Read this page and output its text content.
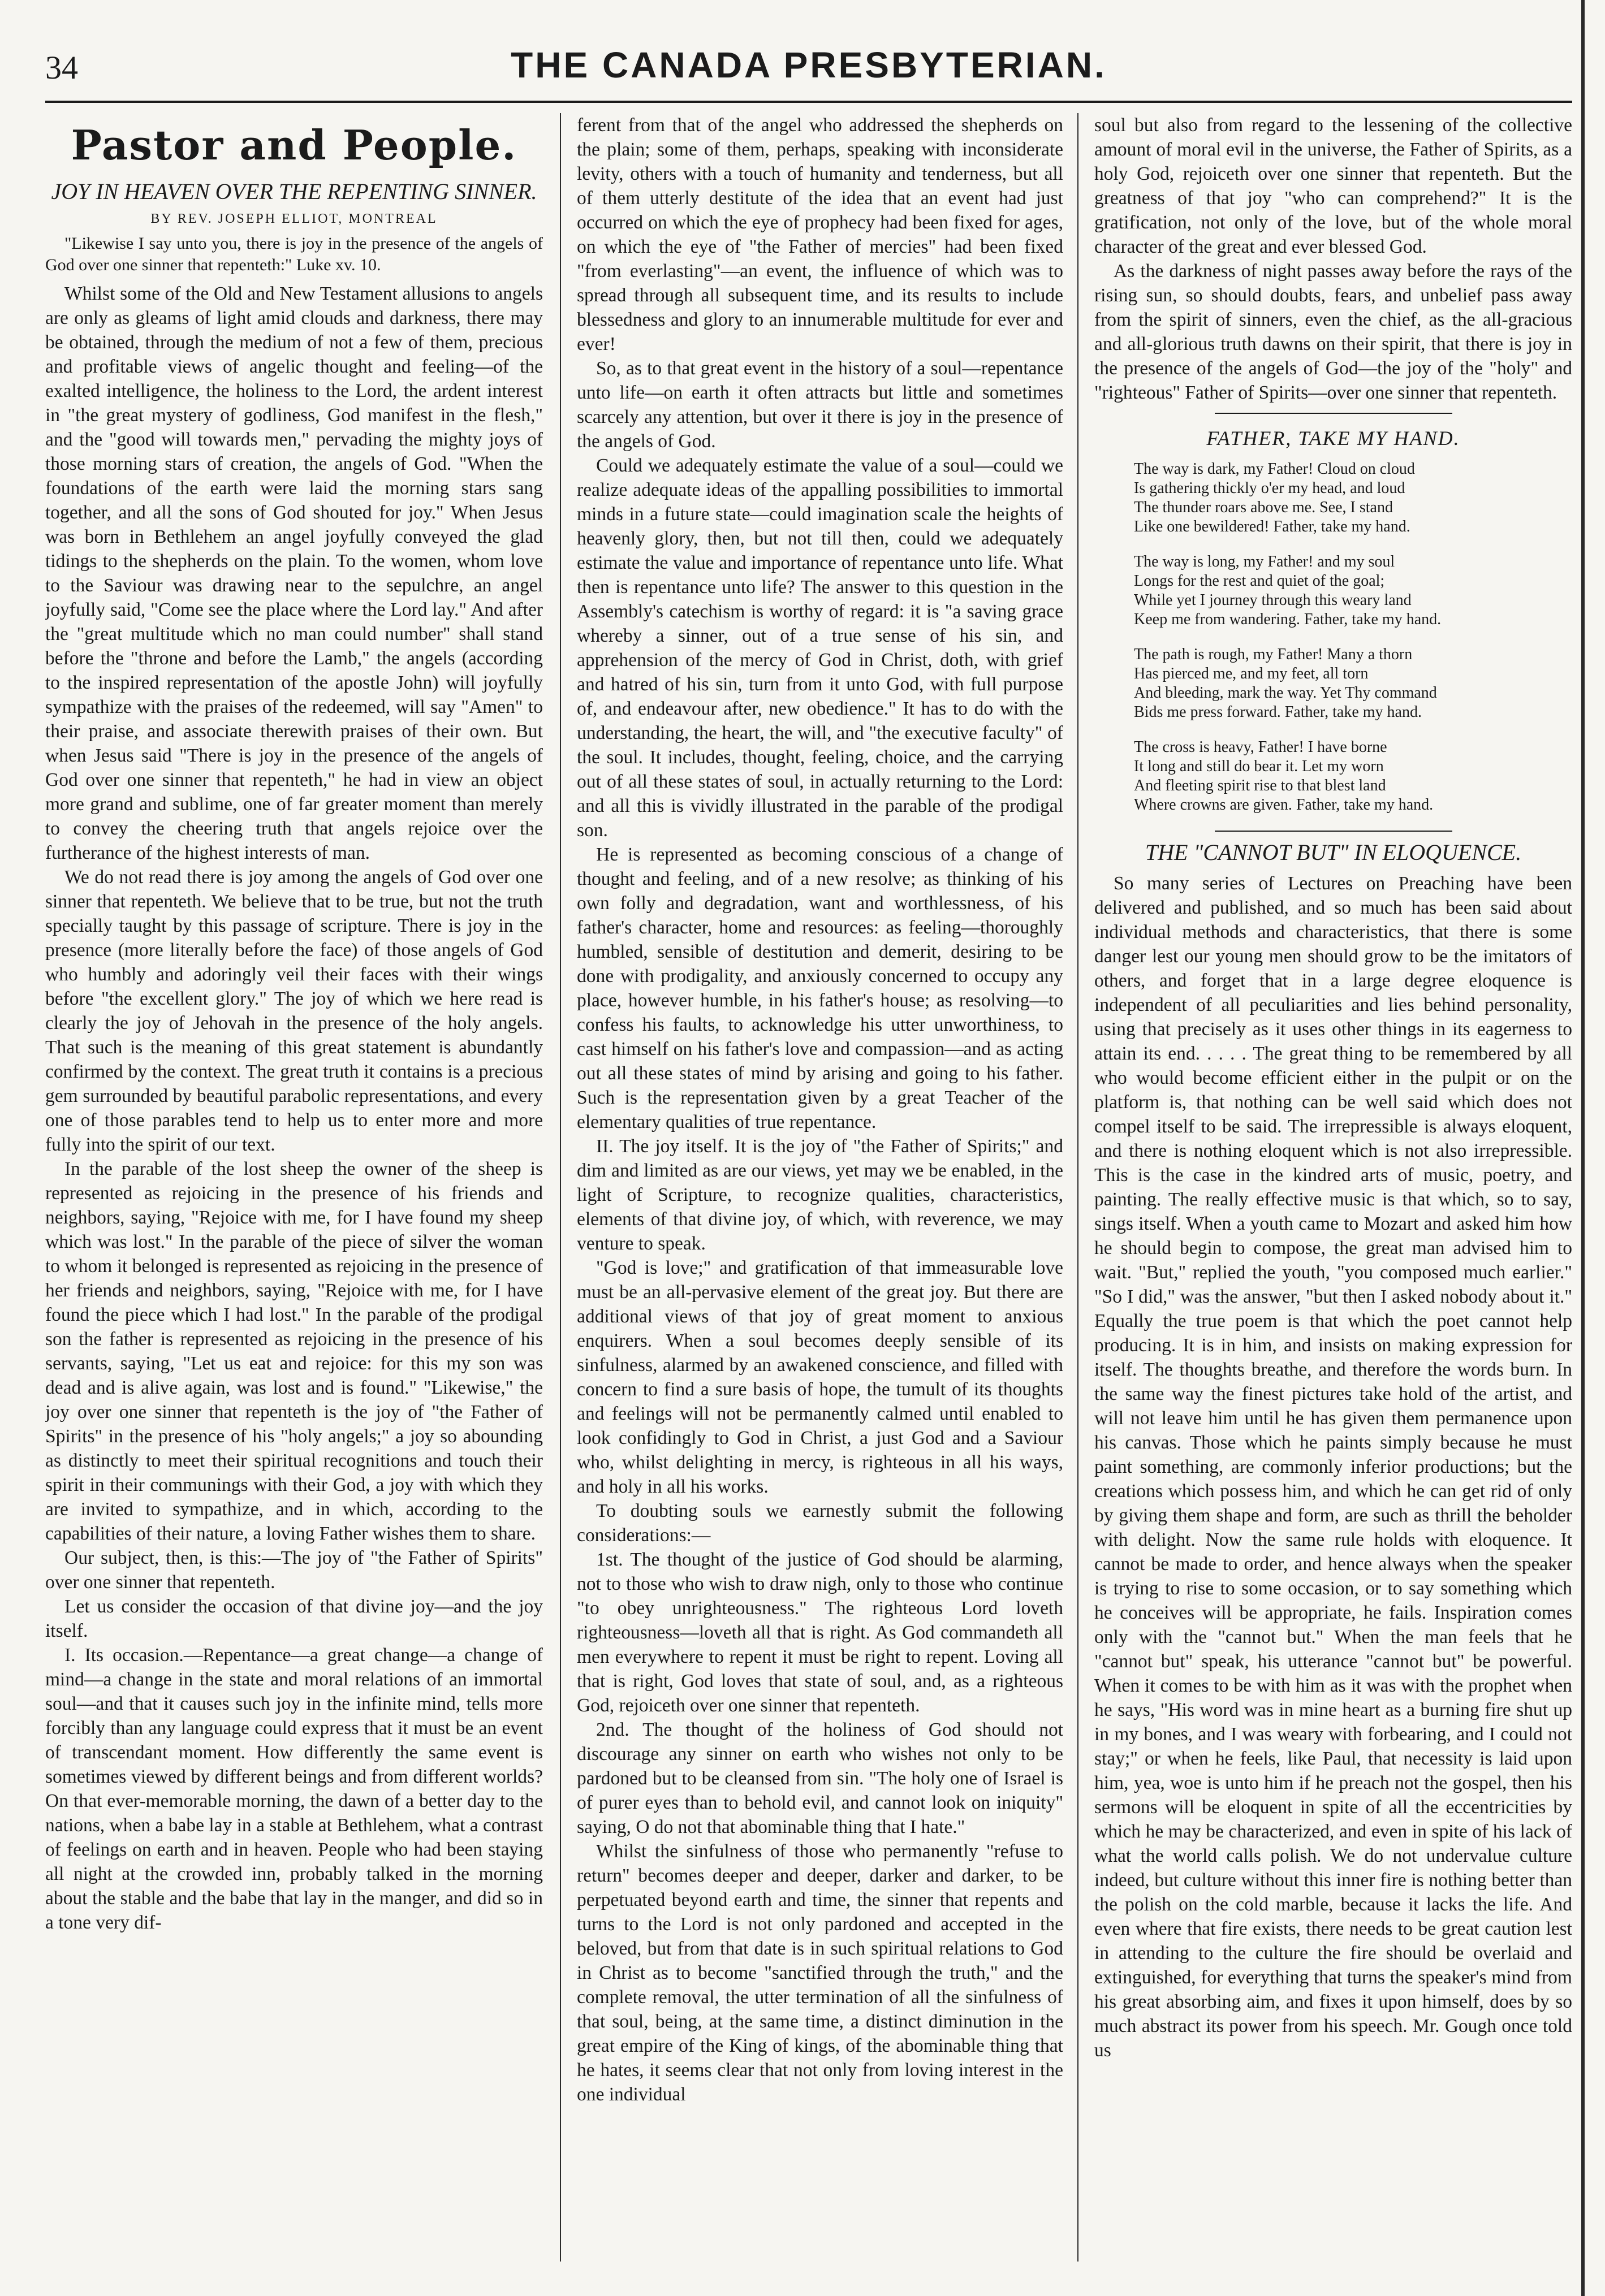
34	THE CANADA PRESBYTERIAN.
Pastor and People.
JOY IN HEAVEN OVER THE REPENTING SINNER.
BY REV. JOSEPH ELLIOT, MONTREAL

"Likewise I say unto you, there is joy in the presence of the angels of God over one sinner that repenteth:" Luke xv. 10.

Whilst some of the Old and New Testament allusions to angels are only as gleams of light amid clouds and darkness, there may be obtained, through the medium of not a few of them, precious and profitable views of angelic thought and feeling—of the exalted intelligence, the holiness to the Lord, the ardent interest in "the great mystery of godliness, God manifest in the flesh," and the "good will towards men," pervading the mighty joys of those morning stars of creation, the angels of God. "When the foundations of the earth were laid the morning stars sang together, and all the sons of God shouted for joy." When Jesus was born in Bethlehem an angel joyfully conveyed the glad tidings to the shepherds on the plain. To the women, whom love to the Saviour was drawing near to the sepulchre, an angel joyfully said, "Come see the place where the Lord lay." And after the "great multitude which no man could number" shall stand before the "throne and before the Lamb," the angels (according to the inspired representation of the apostle John) will joyfully sympathize with the praises of the redeemed, will say "Amen" to their praise, and associate therewith praises of their own. But when Jesus said "There is joy in the presence of the angels of God over one sinner that repenteth," he had in view an object more grand and sublime, one of far greater moment than merely to convey the cheering truth that angels rejoice over the furtherance of the highest interests of man.

We do not read there is joy among the angels of God over one sinner that repenteth. We believe that to be true, but not the truth specially taught by this passage of scripture. There is joy in the presence (more literally before the face) of those angels of God who humbly and adoringly veil their faces with their wings before "the excellent glory." The joy of which we here read is clearly the joy of Jehovah in the presence of the holy angels. That such is the meaning of this great statement is abundantly confirmed by the context. The great truth it contains is a precious gem surrounded by beautiful parabolic representations, and every one of those parables tend to help us to enter more and more fully into the spirit of our text.

In the parable of the lost sheep the owner of the sheep is represented as rejoicing in the presence of his friends and neighbors, saying, "Rejoice with me, for I have found my sheep which was lost." In the parable of the piece of silver the woman to whom it belonged is represented as rejoicing in the presence of her friends and neighbors, saying, "Rejoice with me, for I have found the piece which I had lost." In the parable of the prodigal son the father is represented as rejoicing in the presence of his servants, saying, "Let us eat and rejoice: for this my son was dead and is alive again, was lost and is found." "Likewise," the joy over one sinner that repenteth is the joy of "the Father of Spirits" in the presence of his "holy angels;" a joy so abounding as distinctly to meet their spiritual recognitions and touch their spirit in their communings with their God, a joy with which they are invited to sympathize, and in which, according to the capabilities of their nature, a loving Father wishes them to share.

Our subject, then, is this:—The joy of "the Father of Spirits" over one sinner that repenteth.

Let us consider the occasion of that divine joy—and the joy itself.

I. Its occasion.—Repentance—a great change—a change of mind—a change in the state and moral relations of an immortal soul—and that it causes such joy in the infinite mind, tells more forcibly than any language could express that it must be an event of transcendant moment. How differently the same event is sometimes viewed by different beings and from different worlds? On that ever-memorable morning, the dawn of a better day to the nations, when a babe lay in a stable at Bethlehem, what a contrast of feelings on earth and in heaven. People who had been staying all night at the crowded inn, probably talked in the morning about the stable and the babe that lay in the manger, and did so in a tone very dif-

ferent from that of the angel who addressed the shepherds on the plain; some of them, perhaps, speaking with inconsiderate levity, others with a touch of humanity and tenderness, but all of them utterly destitute of the idea that an event had just occurred on which the eye of prophecy had been fixed for ages, on which the eye of "the Father of mercies" had been fixed "from everlasting"—an event, the influence of which was to spread through all subsequent time, and its results to include blessedness and glory to an innumerable multitude for ever and ever!

So, as to that great event in the history of a soul—repentance unto life—on earth it often attracts but little and sometimes scarcely any attention, but over it there is joy in the presence of the angels of God.

Could we adequately estimate the value of a soul—could we realize adequate ideas of the appalling possibilities to immortal minds in a future state—could imagination scale the heights of heavenly glory, then, but not till then, could we adequately estimate the value and importance of repentance unto life. What then is repentance unto life? The answer to this question in the Assembly's catechism is worthy of regard: it is "a saving grace whereby a sinner, out of a true sense of his sin, and apprehension of the mercy of God in Christ, doth, with grief and hatred of his sin, turn from it unto God, with full purpose of, and endeavour after, new obedience." It has to do with the understanding, the heart, the will, and "the executive faculty" of the soul. It includes, thought, feeling, choice, and the carrying out of all these states of soul, in actually returning to the Lord: and all this is vividly illustrated in the parable of the prodigal son.

He is represented as becoming conscious of a change of thought and feeling, and of a new resolve; as thinking of his own folly and degradation, want and worthlessness, of his father's character, home and resources: as feeling—thoroughly humbled, sensible of destitution and demerit, desiring to be done with prodigality, and anxiously concerned to occupy any place, however humble, in his father's house; as resolving—to confess his faults, to acknowledge his utter unworthiness, to cast himself on his father's love and compassion—and as acting out all these states of mind by arising and going to his father. Such is the representation given by a great Teacher of the elementary qualities of true repentance.

II. The joy itself. It is the joy of "the Father of Spirits;" and dim and limited as are our views, yet may we be enabled, in the light of Scripture, to recognize qualities, characteristics, elements of that divine joy, of which, with reverence, we may venture to speak.

"God is love;" and gratification of that immeasurable love must be an all-pervasive element of the great joy. But there are additional views of that joy of great moment to anxious enquirers. When a soul becomes deeply sensible of its sinfulness, alarmed by an awakened conscience, and filled with concern to find a sure basis of hope, the tumult of its thoughts and feelings will not be permanently calmed until enabled to look confidingly to God in Christ, a just God and a Saviour who, whilst delighting in mercy, is righteous in all his ways, and holy in all his works.

To doubting souls we earnestly submit the following considerations:—

1st. The thought of the justice of God should be alarming, not to those who wish to draw nigh, only to those who continue "to obey unrighteousness." The righteous Lord loveth righteousness—loveth all that is right. As God commandeth all men everywhere to repent it must be right to repent. Loving all that is right, God loves that state of soul, and, as a righteous God, rejoiceth over one sinner that repenteth.

2nd. The thought of the holiness of God should not discourage any sinner on earth who wishes not only to be pardoned but to be cleansed from sin. "The holy one of Israel is of purer eyes than to behold evil, and cannot look on iniquity" saying, O do not that abominable thing that I hate."

Whilst the sinfulness of those who permanently "refuse to return" becomes deeper and deeper, darker and darker, to be perpetuated beyond earth and time, the sinner that repents and turns to the Lord is not only pardoned and accepted in the beloved, but from that date is in such spiritual relations to God in Christ as to become "sanctified through the truth," and the complete removal, the utter termination of all the sinfulness of that soul, being, at the same time, a distinct diminution in the great empire of the King of kings, of the abominable thing that he hates, it seems clear that not only from loving interest in the one individual

soul but also from regard to the lessening of the collective amount of moral evil in the universe, the Father of Spirits, as a holy God, rejoiceth over one sinner that repenteth. But the greatness of that joy "who can comprehend?" It is the gratification, not only of the love, but of the whole moral character of the great and ever blessed God.

As the darkness of night passes away before the rays of the rising sun, so should doubts, fears, and unbelief pass away from the spirit of sinners, even the chief, as the all-gracious and all-glorious truth dawns on their spirit, that there is joy in the presence of the angels of God—the joy of the "holy" and "righteous" Father of Spirits—over one sinner that repenteth.

FATHER, TAKE MY HAND.
The way is dark, my Father! Cloud on cloud
Is gathering thickly o'er my head, and loud
The thunder roars above me. See, I stand
Like one bewildered! Father, take my hand.
The way is long, my Father! and my soul
Longs for the rest and quiet of the goal;
While yet I journey through this weary land
Keep me from wandering. Father, take my hand.
The path is rough, my Father! Many a thorn
Has pierced me, and my feet, all torn
And bleeding, mark the way. Yet Thy command
Bids me press forward. Father, take my hand.
The cross is heavy, Father! I have borne
It long and still do bear it. Let my worn
And fleeting spirit rise to that blest land
Where crowns are given. Father, take my hand.
THE "CANNOT BUT" IN ELOQUENCE.

So many series of Lectures on Preaching have been delivered and published, and so much has been said about individual methods and characteristics, that there is some danger lest our young men should grow to be the imitators of others, and forget that in a large degree eloquence is independent of all peculiarities and lies behind personality, using that precisely as it uses other things in its eagerness to attain its end. . . . . The great thing to be remembered by all who would become efficient either in the pulpit or on the platform is, that nothing can be well said which does not compel itself to be said. The irrepressible is always eloquent, and there is nothing eloquent which is not also irrepressible. This is the case in the kindred arts of music, poetry, and painting. The really effective music is that which, so to say, sings itself. When a youth came to Mozart and asked him how he should begin to compose, the great man advised him to wait. "But," replied the youth, "you composed much earlier." "So I did," was the answer, "but then I asked nobody about it." Equally the true poem is that which the poet cannot help producing. It is in him, and insists on making expression for itself. The thoughts breathe, and therefore the words burn. In the same way the finest pictures take hold of the artist, and will not leave him until he has given them permanence upon his canvas. Those which he paints simply because he must paint something, are commonly inferior productions; but the creations which possess him, and which he can get rid of only by giving them shape and form, are such as thrill the beholder with delight. Now the same rule holds with eloquence. It cannot be made to order, and hence always when the speaker is trying to rise to some occasion, or to say something which he conceives will be appropriate, he fails. Inspiration comes only with the "cannot but." When the man feels that he "cannot but" speak, his utterance "cannot but" be powerful. When it comes to be with him as it was with the prophet when he says, "His word was in mine heart as a burning fire shut up in my bones, and I was weary with forbearing, and I could not stay;" or when he feels, like Paul, that necessity is laid upon him, yea, woe is unto him if he preach not the gospel, then his sermons will be eloquent in spite of all the eccentricities by which he may be characterized, and even in spite of his lack of what the world calls polish. We do not undervalue culture indeed, but culture without this inner fire is nothing better than the polish on the cold marble, because it lacks the life. And even where that fire exists, there needs to be great caution lest in attending to the culture the fire should be overlaid and extinguished, for everything that turns the speaker's mind from his great absorbing aim, and fixes it upon himself, does by so much abstract its power from his speech. Mr. Gough once told us
